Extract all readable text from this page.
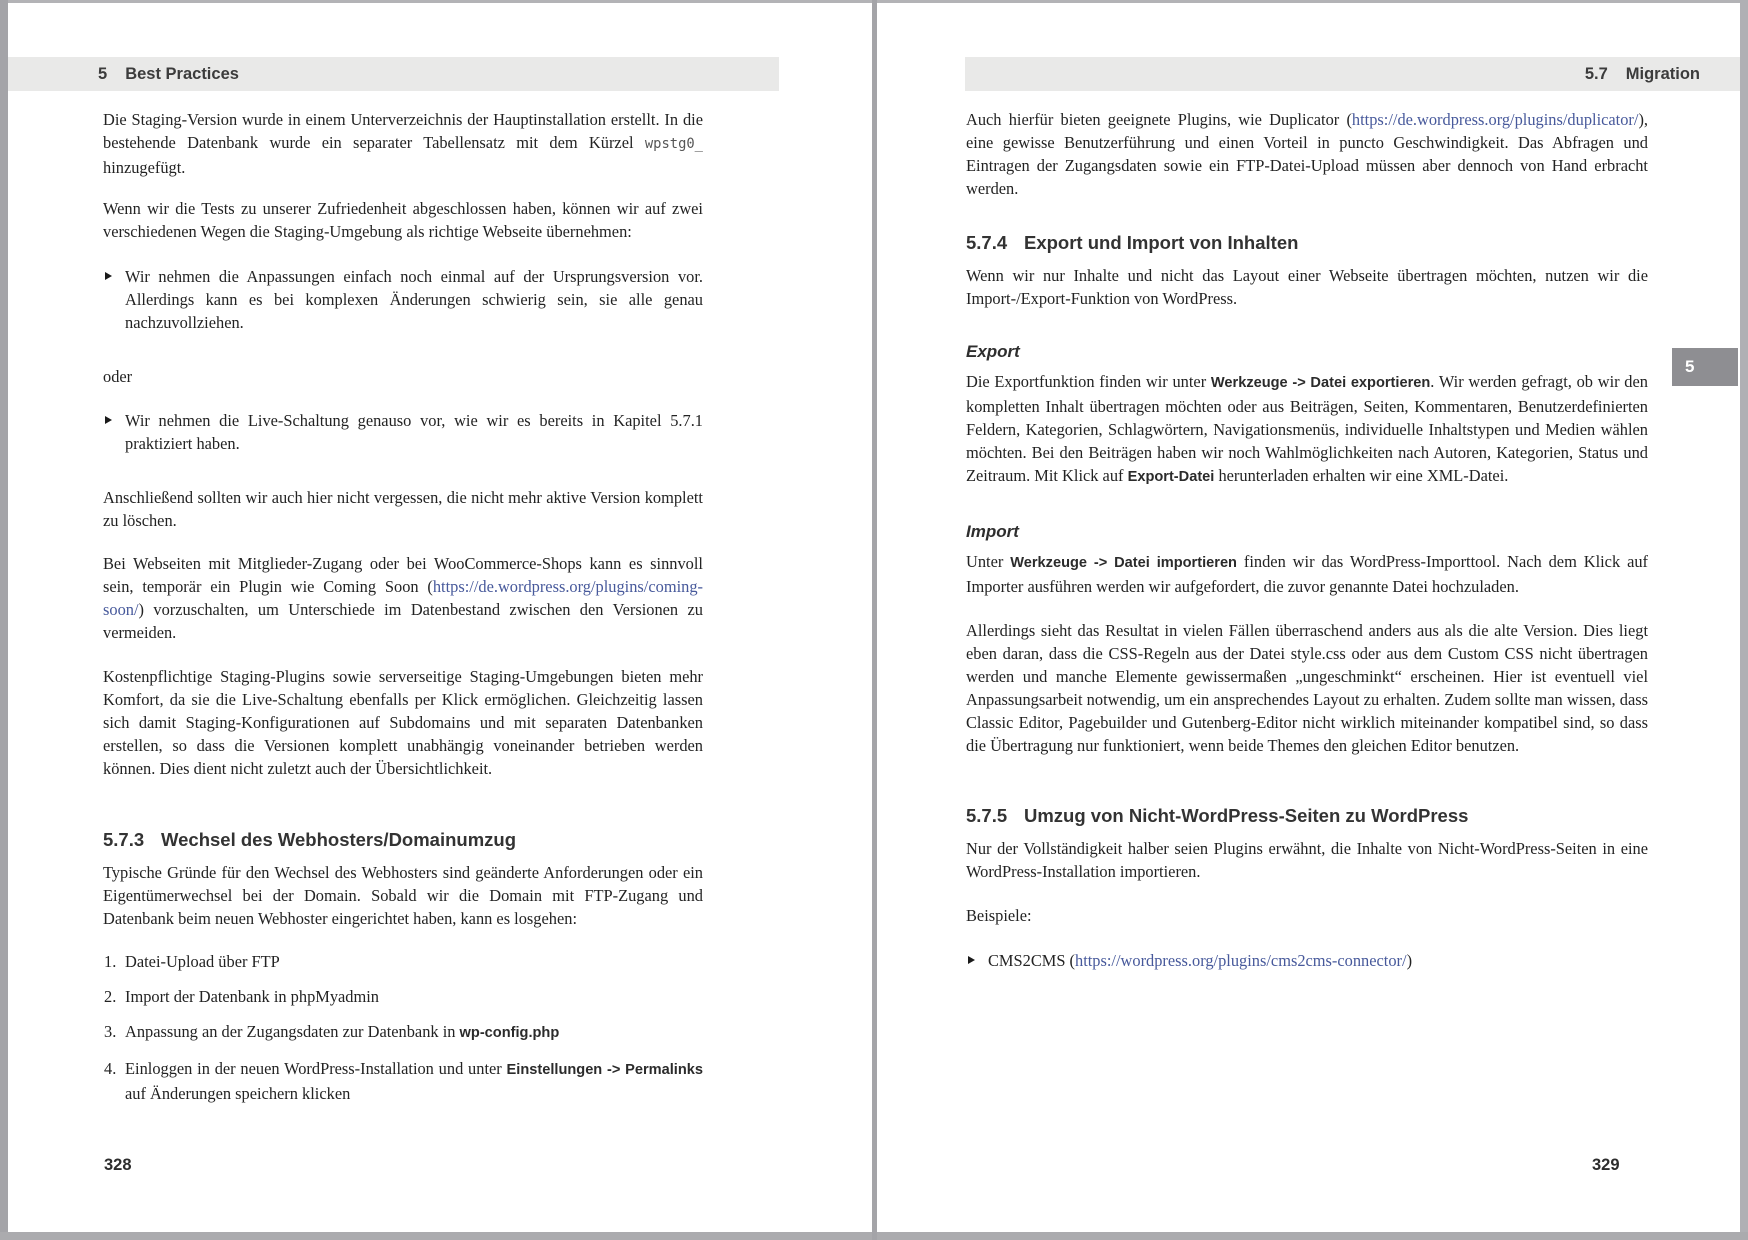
5 Best Practices

Die Staging-Version wurde in einem Unterverzeichnis der Hauptinstallation erstellt. In die bestehende Datenbank wurde ein separater Tabellensatz mit dem Kürzel wpstg0_ hinzugefügt.

Wenn wir die Tests zu unserer Zufriedenheit abgeschlossen haben, können wir auf zwei verschiedenen Wegen die Staging-Umgebung als richtige Webseite übernehmen:

Wir nehmen die Anpassungen einfach noch einmal auf der Ursprungsversion vor. Allerdings kann es bei komplexen Änderungen schwierig sein, sie alle genau nachzuvollziehen.

oder

Wir nehmen die Live-Schaltung genauso vor, wie wir es bereits in Kapitel 5.7.1 praktiziert haben.

Anschließend sollten wir auch hier nicht vergessen, die nicht mehr aktive Version komplett zu löschen.

Bei Webseiten mit Mitglieder-Zugang oder bei WooCommerce-Shops kann es sinnvoll sein, temporär ein Plugin wie Coming Soon (https://de.wordpress.org/plugins/coming-soon/) vorzuschalten, um Unterschiede im Datenbestand zwischen den Versionen zu vermeiden.

Kostenpflichtige Staging-Plugins sowie serverseitige Staging-Umgebungen bieten mehr Komfort, da sie die Live-Schaltung ebenfalls per Klick ermöglichen. Gleichzeitig lassen sich damit Staging-Konfigurationen auf Subdomains und mit separaten Datenbanken erstellen, so dass die Versionen komplett unabhängig voneinander betrieben werden können. Dies dient nicht zuletzt auch der Übersichtlichkeit.

5.7.3 Wechsel des Webhosters/Domainumzug

Typische Gründe für den Wechsel des Webhosters sind geänderte Anforderungen oder ein Eigentümerwechsel bei der Domain. Sobald wir die Domain mit FTP-Zugang und Datenbank beim neuen Webhoster eingerichtet haben, kann es losgehen:

1. Datei-Upload über FTP
2. Import der Datenbank in phpMyadmin
3. Anpassung an der Zugangsdaten zur Datenbank in wp-config.php
4. Einloggen in der neuen WordPress-Installation und unter Einstellungen -> Permalinks auf Änderungen speichern klicken
328
5.7 Migration
5

Auch hierfür bieten geeignete Plugins, wie Duplicator (https://de.wordpress.org/plugins/duplicator/), eine gewisse Benutzerführung und einen Vorteil in puncto Geschwindigkeit. Das Abfragen und Eintragen der Zugangsdaten sowie ein FTP-Datei-Upload müssen aber dennoch von Hand erbracht werden.

5.7.4 Export und Import von Inhalten

Wenn wir nur Inhalte und nicht das Layout einer Webseite übertragen möchten, nutzen wir die Import-/Export-Funktion von WordPress.

Export

Die Exportfunktion finden wir unter Werkzeuge -> Datei exportieren. Wir werden gefragt, ob wir den kompletten Inhalt übertragen möchten oder aus Beiträgen, Seiten, Kommentaren, Benutzerdefinierten Feldern, Kategorien, Schlagwörtern, Navigationsmenüs, individuelle Inhaltstypen und Medien wählen möchten. Bei den Beiträgen haben wir noch Wahlmöglichkeiten nach Autoren, Kategorien, Status und Zeitraum. Mit Klick auf Export-Datei herunterladen erhalten wir eine XML-Datei.

Import

Unter Werkzeuge -> Datei importieren finden wir das WordPress-Importtool. Nach dem Klick auf Importer ausführen werden wir aufgefordert, die zuvor genannte Datei hochzuladen.

Allerdings sieht das Resultat in vielen Fällen überraschend anders aus als die alte Version. Dies liegt eben daran, dass die CSS-Regeln aus der Datei style.css oder aus dem Custom CSS nicht übertragen werden und manche Elemente gewissermaßen „ungeschminkt“ erscheinen. Hier ist eventuell viel Anpassungsarbeit notwendig, um ein ansprechendes Layout zu erhalten. Zudem sollte man wissen, dass Classic Editor, Pagebuilder und Gutenberg-Editor nicht wirklich miteinander kompatibel sind, so dass die Übertragung nur funktioniert, wenn beide Themes den gleichen Editor benutzen.

5.7.5 Umzug von Nicht-WordPress-Seiten zu WordPress

Nur der Vollständigkeit halber seien Plugins erwähnt, die Inhalte von Nicht-WordPress-Seiten in eine WordPress-Installation importieren.

Beispiele:

CMS2CMS (https://wordpress.org/plugins/cms2cms-connector/)
329
